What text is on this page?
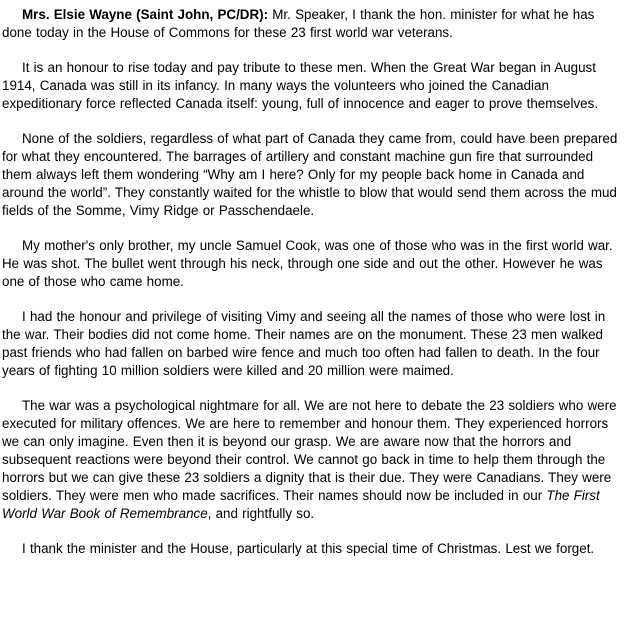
Mrs. Elsie Wayne (Saint John, PC/DR): Mr. Speaker, I thank the hon. minister for what he has done today in the House of Commons for these 23 first world war veterans.

It is an honour to rise today and pay tribute to these men. When the Great War began in August 1914, Canada was still in its infancy. In many ways the volunteers who joined the Canadian expeditionary force reflected Canada itself: young, full of innocence and eager to prove themselves.

None of the soldiers, regardless of what part of Canada they came from, could have been prepared for what they encountered. The barrages of artillery and constant machine gun fire that surrounded them always left them wondering “Why am I here? Only for my people back home in Canada and around the world”. They constantly waited for the whistle to blow that would send them across the mud fields of the Somme, Vimy Ridge or Passchendaele.

My mother's only brother, my uncle Samuel Cook, was one of those who was in the first world war. He was shot. The bullet went through his neck, through one side and out the other. However he was one of those who came home.

I had the honour and privilege of visiting Vimy and seeing all the names of those who were lost in the war. Their bodies did not come home. Their names are on the monument. These 23 men walked past friends who had fallen on barbed wire fence and much too often had fallen to death. In the four years of fighting 10 million soldiers were killed and 20 million were maimed.

The war was a psychological nightmare for all. We are not here to debate the 23 soldiers who were executed for military offences. We are here to remember and honour them. They experienced horrors we can only imagine. Even then it is beyond our grasp. We are aware now that the horrors and subsequent reactions were beyond their control. We cannot go back in time to help them through the horrors but we can give these 23 soldiers a dignity that is their due. They were Canadians. They were soldiers. They were men who made sacrifices. Their names should now be included in our The First World War Book of Remembrance, and rightfully so.

I thank the minister and the House, particularly at this special time of Christmas. Lest we forget.
